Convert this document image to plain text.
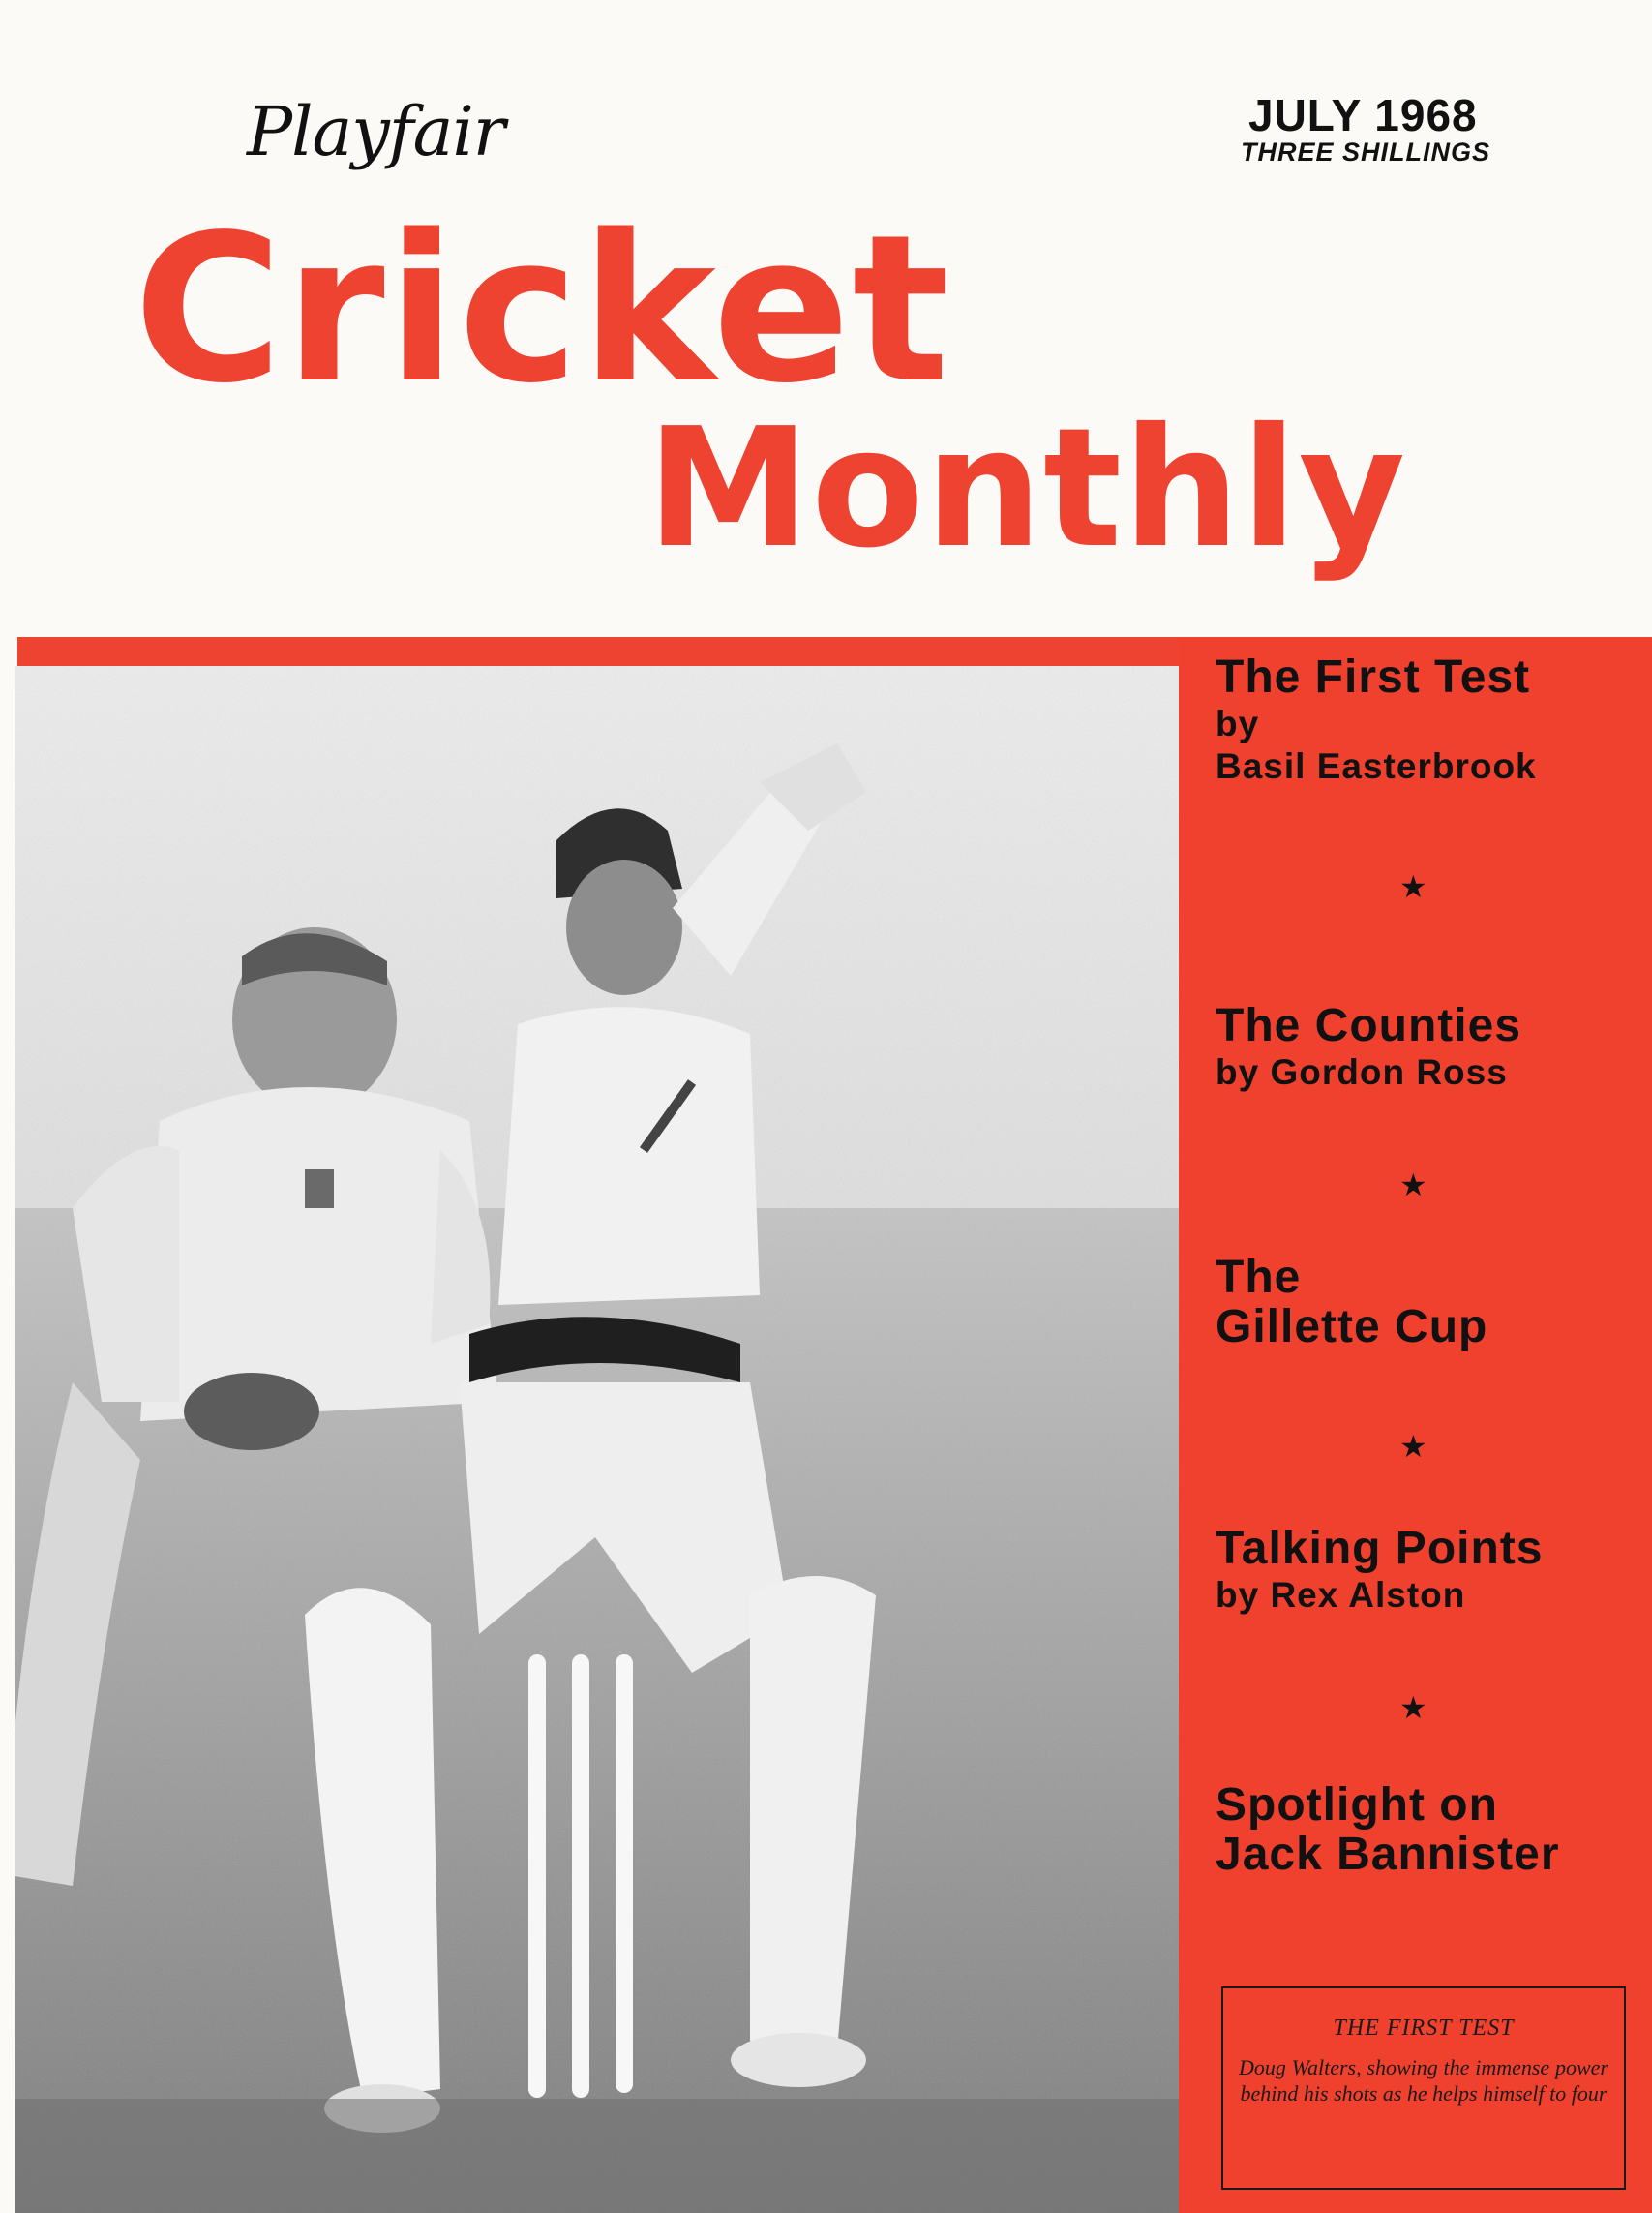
Playfair	JULY 1968
THREE SHILLINGS
Cricket
Monthly
The First Test
by
Basil Easterbrook
★
The Counties
by Gordon Ross
★
The
Gillette Cup
★
Talking Points
by Rex Alston
★
Spotlight on
Jack Bannister
THE FIRST TEST
Doug Walters, showing the immense power behind his shots as he helps himself to four
